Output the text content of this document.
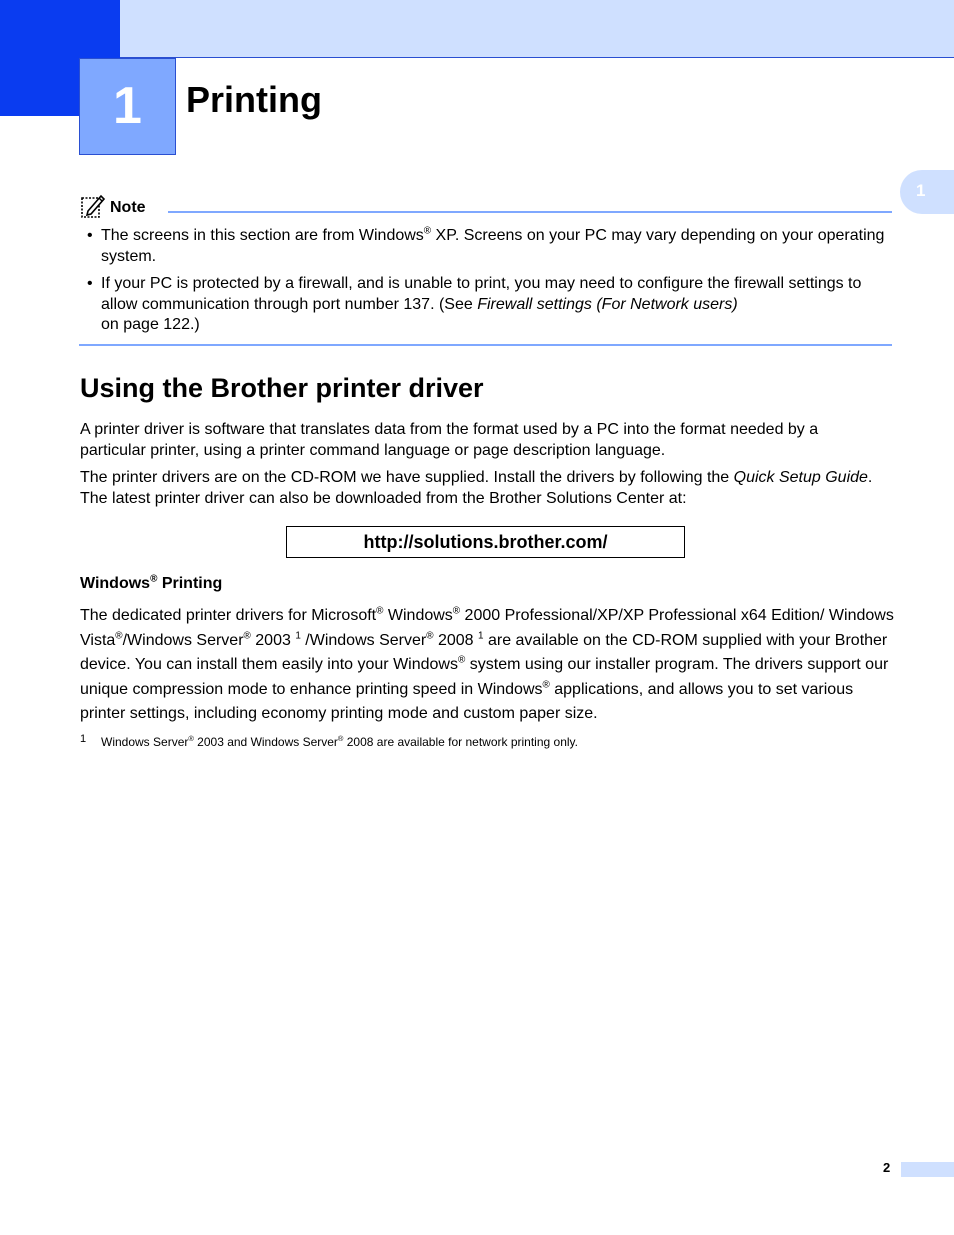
1	Printing
1
Note
• The screens in this section are from Windows® XP. Screens on your PC may vary depending on your operating system.
• If your PC is protected by a firewall, and is unable to print, you may need to configure the firewall settings to allow communication through port number 137. (See Firewall settings (For Network users)
on page 122.)
Using the Brother printer driver
A printer driver is software that translates data from the format used by a PC into the format needed by a particular printer, using a printer command language or page description language.
The printer drivers are on the CD-ROM we have supplied. Install the drivers by following the Quick Setup Guide. The latest printer driver can also be downloaded from the Brother Solutions Center at:
http://solutions.brother.com/
Windows® Printing
The dedicated printer drivers for Microsoft® Windows® 2000 Professional/XP/XP Professional x64 Edition/ Windows Vista®/Windows Server® 2003 $^1$ /Windows Server® 2008 $^1$ are available on the CD-ROM supplied with your Brother device. You can install them easily into your Windows® system using our installer program. The drivers support our unique compression mode to enhance printing speed in Windows® applications, and allows you to set various printer settings, including economy printing mode and custom paper size.
1 Windows Server® 2003 and Windows Server® 2008 are available for network printing only.
2
